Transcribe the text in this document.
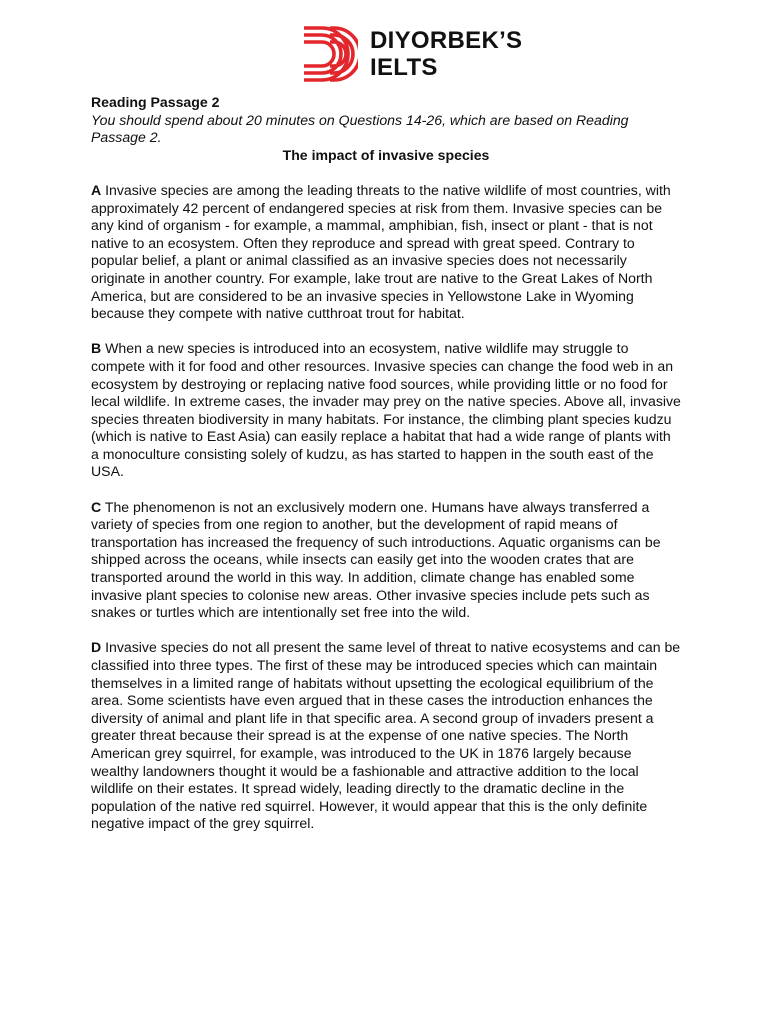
DIYORBEK’S
IELTS

Reading Passage 2

You should spend about 20 minutes on Questions 14-26, which are based on Reading Passage 2.

The impact of invasive species

A Invasive species are among the leading threats to the native wildlife of most countries, with approximately 42 percent of endangered species at risk from them. Invasive species can be any kind of organism - for example, a mammal, amphibian, fish, insect or plant - that is not native to an ecosystem. Often they reproduce and spread with great speed. Contrary to popular belief, a plant or animal classified as an invasive species does not necessarily originate in another country. For example, lake trout are native to the Great Lakes of North America, but are considered to be an invasive species in Yellowstone Lake in Wyoming because they compete with native cutthroat trout for habitat.

B When a new species is introduced into an ecosystem, native wildlife may struggle to compete with it for food and other resources. Invasive species can change the food web in an ecosystem by destroying or replacing native food sources, while providing little or no food for lecal wildlife. In extreme cases, the invader may prey on the native species. Above all, invasive species threaten biodiversity in many habitats. For instance, the climbing plant species kudzu (which is native to East Asia) can easily replace a habitat that had a wide range of plants with a monoculture consisting solely of kudzu, as has started to happen in the south east of the USA.

C The phenomenon is not an exclusively modern one. Humans have always transferred a variety of species from one region to another, but the development of rapid means of transportation has increased the frequency of such introductions. Aquatic organisms can be shipped across the oceans, while insects can easily get into the wooden crates that are transported around the world in this way. In addition, climate change has enabled some invasive plant species to colonise new areas. Other invasive species include pets such as snakes or turtles which are intentionally set free into the wild.

D Invasive species do not all present the same level of threat to native ecosystems and can be classified into three types. The first of these may be introduced species which can maintain themselves in a limited range of habitats without upsetting the ecological equilibrium of the area. Some scientists have even argued that in these cases the introduction enhances the diversity of animal and plant life in that specific area. A second group of invaders present a greater threat because their spread is at the expense of one native species. The North American grey squirrel, for example, was introduced to the UK in 1876 largely because wealthy landowners thought it would be a fashionable and attractive addition to the local wildlife on their estates. It spread widely, leading directly to the dramatic decline in the population of the native red squirrel. However, it would appear that this is the only definite negative impact of the grey squirrel.
